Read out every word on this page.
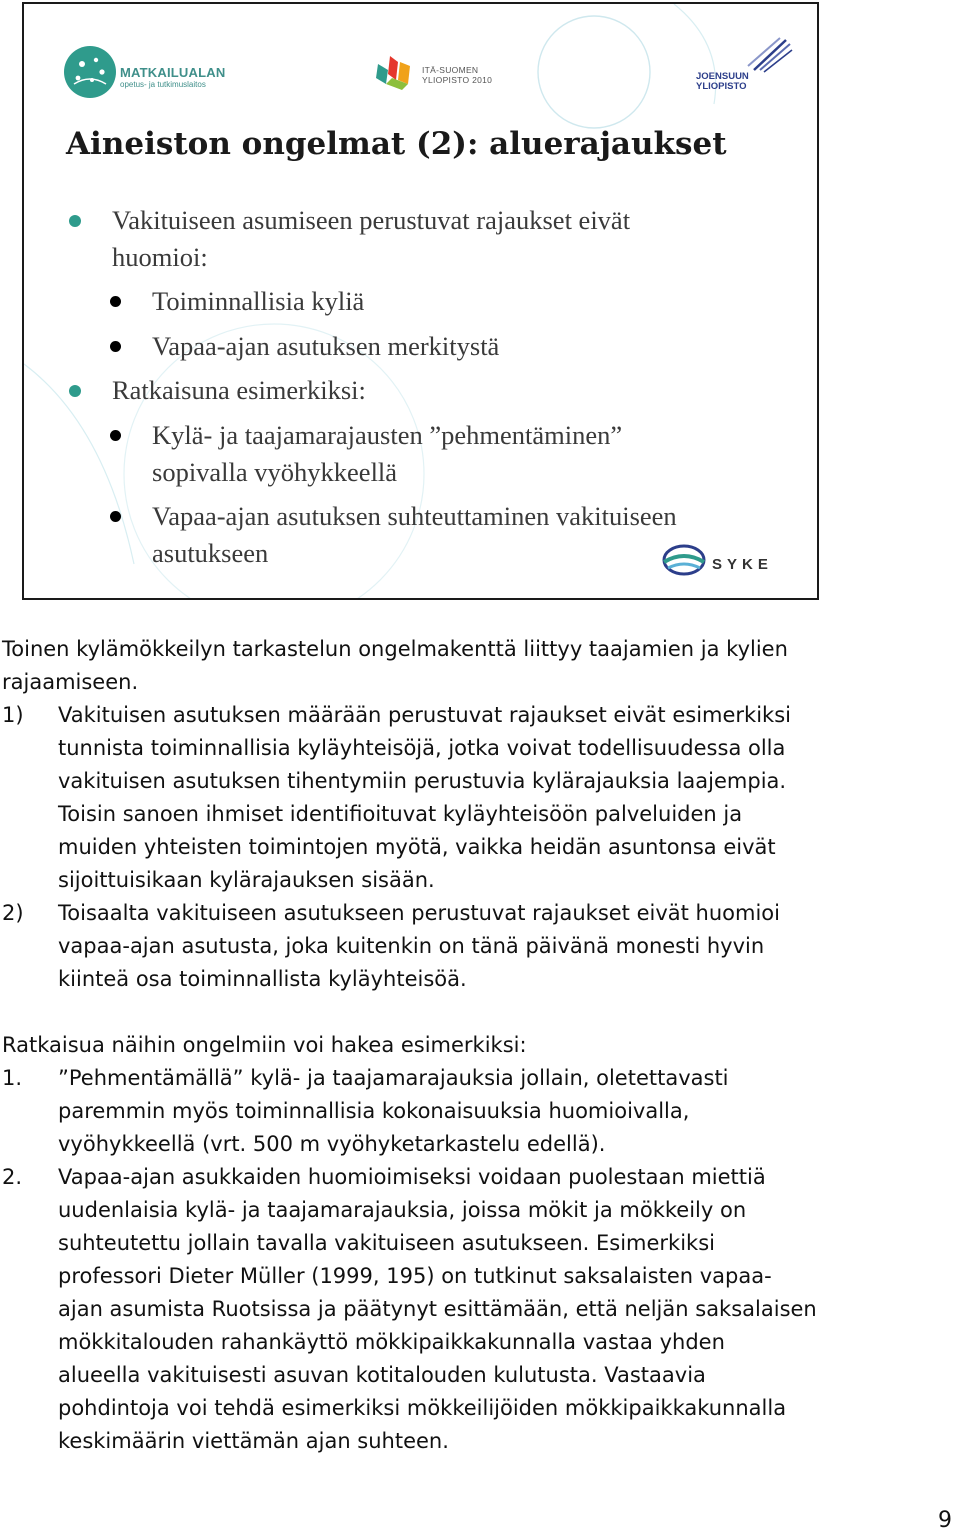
MATKAILUALAN
opetus- ja tutkimuslaitos
ITÄ-SUOMEN
YLIOPISTO 2010	JOENSUUN
YLIOPISTO
Aineiston ongelmat (2): aluerajaukset
Vakituiseen asumiseen perustuvat rajaukset eivät
huomioi:
Toiminnallisia kyliä
Vapaa-ajan asutuksen merkitystä
Ratkaisuna esimerkiksi:
Kylä- ja taajamarajausten ”pehmentäminen”
sopivalla vyöhykkeellä
Vapaa-ajan asutuksen suhteuttaminen vakituiseen
asutukseen	SYKE
Toinen kylämökkeilyn tarkastelun ongelmakenttä liittyy taajamien ja kylien
rajaamiseen.
1) Vakituisen asutuksen määrään perustuvat rajaukset eivät esimerkiksi
tunnista toiminnallisia kyläyhteisöjä, jotka voivat todellisuudessa olla
vakituisen asutuksen tihentymiin perustuvia kylärajauksia laajempia.
Toisin sanoen ihmiset identifioituvat kyläyhteisöön palveluiden ja
muiden yhteisten toimintojen myötä, vaikka heidän asuntonsa eivät
sijoittuisikaan kylärajauksen sisään.
2) Toisaalta vakituiseen asutukseen perustuvat rajaukset eivät huomioi
vapaa-ajan asutusta, joka kuitenkin on tänä päivänä monesti hyvin
kiinteä osa toiminnallista kyläyhteisöä.
Ratkaisua näihin ongelmiin voi hakea esimerkiksi:
1. ”Pehmentämällä” kylä- ja taajamarajauksia jollain, oletettavasti
paremmin myös toiminnallisia kokonaisuuksia huomioivalla,
vyöhykkeellä (vrt. 500 m vyöhyketarkastelu edellä).
2. Vapaa-ajan asukkaiden huomioimiseksi voidaan puolestaan miettiä
uudenlaisia kylä- ja taajamarajauksia, joissa mökit ja mökkeily on
suhteutettu jollain tavalla vakituiseen asutukseen. Esimerkiksi
professori Dieter Müller (1999, 195) on tutkinut saksalaisten vapaa-
ajan asumista Ruotsissa ja päätynyt esittämään, että neljän saksalaisen
mökkitalouden rahankäyttö mökkipaikkakunnalla vastaa yhden
alueella vakituisesti asuvan kotitalouden kulutusta. Vastaavia
pohdintoja voi tehdä esimerkiksi mökkeilijöiden mökkipaikkakunnalla
keskimäärin viettämän ajan suhteen.
9
